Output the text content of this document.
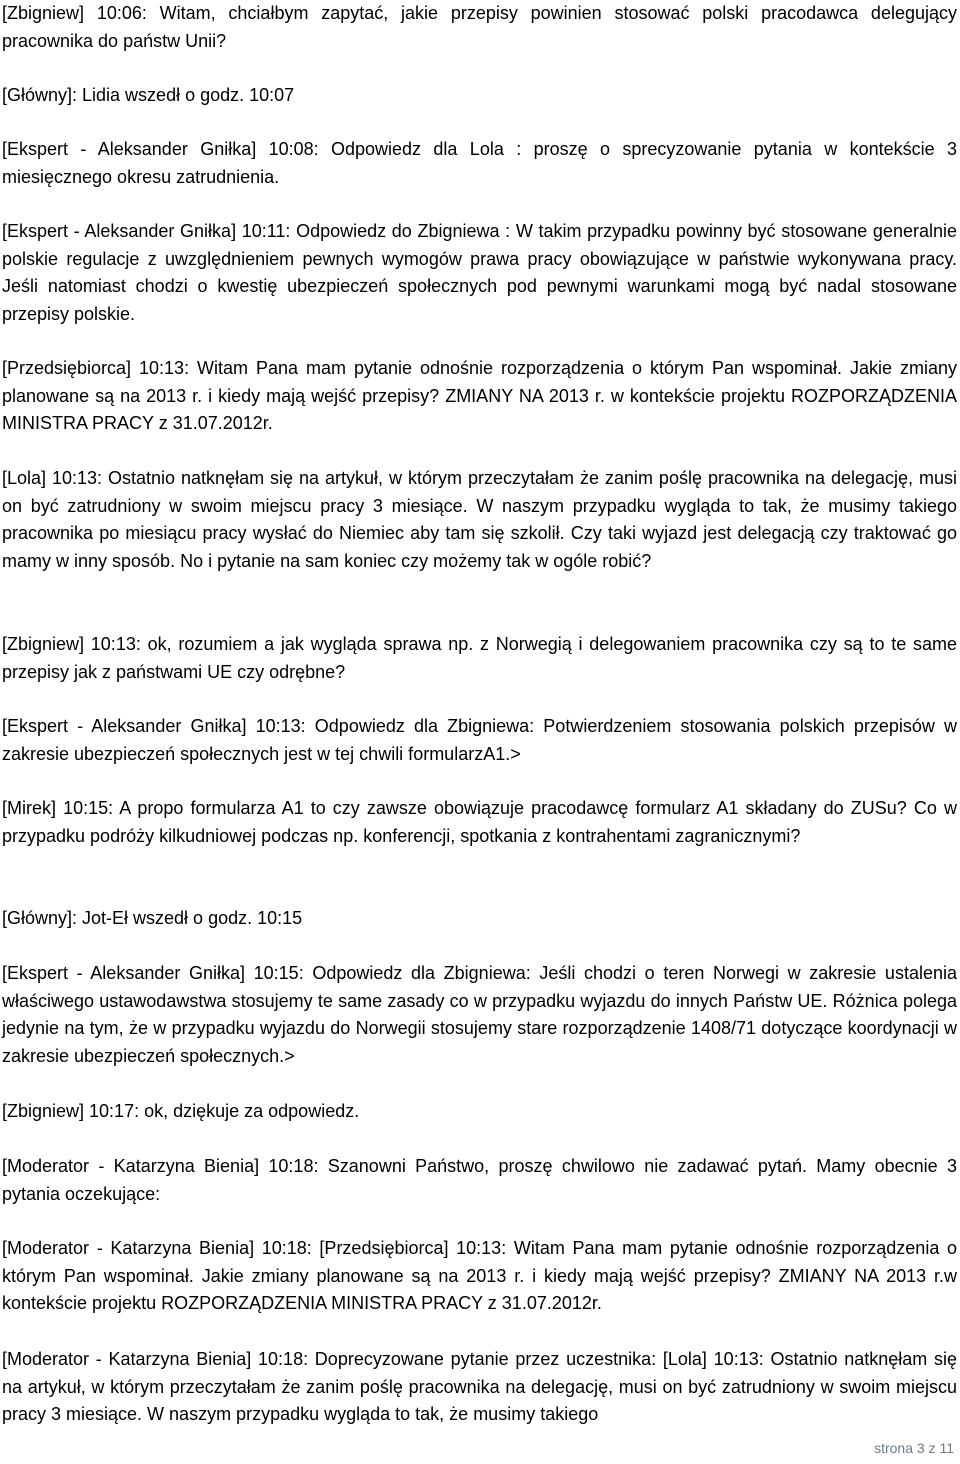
[Zbigniew] 10:06: Witam, chciałbym zapytać, jakie przepisy powinien stosować polski pracodawca delegujący pracownika do państw Unii?

[Główny]: Lidia wszedł o godz. 10:07

[Ekspert - Aleksander Gniłka] 10:08: Odpowiedz dla Lola : proszę o sprecyzowanie pytania w kontekście 3 miesięcznego okresu zatrudnienia.

[Ekspert - Aleksander Gniłka] 10:11: Odpowiedz do Zbigniewa : W takim przypadku powinny być stosowane generalnie polskie regulacje z uwzględnieniem pewnych wymogów prawa pracy obowiązujące w państwie wykonywana pracy. Jeśli natomiast chodzi o kwestię ubezpieczeń społecznych pod pewnymi warunkami mogą być nadal stosowane przepisy polskie.

[Przedsiębiorca] 10:13: Witam Pana mam pytanie odnośnie rozporządzenia o którym Pan wspominał. Jakie zmiany planowane są na 2013 r. i kiedy mają wejść przepisy? ZMIANY NA 2013 r. w kontekście projektu ROZPORZĄDZENIA MINISTRA PRACY z 31.07.2012r.

[Lola] 10:13: Ostatnio natknęłam się na artykuł, w którym przeczytałam że zanim poślę pracownika na delegację, musi on być zatrudniony w swoim miejscu pracy 3 miesiące. W naszym przypadku wygląda to tak, że musimy takiego pracownika po miesiącu pracy wysłać do Niemiec aby tam się szkolił. Czy taki wyjazd jest delegacją czy traktować go mamy w inny sposób. No i pytanie na sam koniec czy możemy tak w ogóle robić?

[Zbigniew] 10:13: ok, rozumiem a jak wygląda sprawa np. z Norwegią i delegowaniem pracownika czy są to te same przepisy jak z państwami UE czy odrębne?

[Ekspert - Aleksander Gniłka] 10:13: Odpowiedz dla Zbigniewa: Potwierdzeniem stosowania polskich przepisów w zakresie ubezpieczeń społecznych jest w tej chwili formularzA1.>

[Mirek] 10:15: A propo formularza A1 to czy zawsze obowiązuje pracodawcę formularz A1 składany do ZUSu? Co w przypadku podróży kilkudniowej podczas np. konferencji, spotkania z kontrahentami zagranicznymi?

[Główny]: Jot-Eł wszedł o godz. 10:15

[Ekspert - Aleksander Gniłka] 10:15: Odpowiedz dla Zbigniewa: Jeśli chodzi o teren Norwegi w zakresie ustalenia właściwego ustawodawstwa stosujemy te same zasady co w przypadku wyjazdu do innych Państw UE. Różnica polega jedynie na tym, że w przypadku wyjazdu do Norwegii stosujemy stare rozporządzenie 1408/71 dotyczące koordynacji w zakresie ubezpieczeń społecznych.>

[Zbigniew] 10:17: ok, dziękuje za odpowiedz.

[Moderator - Katarzyna Bienia] 10:18: Szanowni Państwo, proszę chwilowo nie zadawać pytań. Mamy obecnie 3 pytania oczekujące:

[Moderator - Katarzyna Bienia] 10:18: [Przedsiębiorca] 10:13: Witam Pana mam pytanie odnośnie rozporządzenia o którym Pan wspominał. Jakie zmiany planowane są na 2013 r. i kiedy mają wejść przepisy? ZMIANY NA 2013 r.w kontekście projektu ROZPORZĄDZENIA MINISTRA PRACY z 31.07.2012r.

[Moderator - Katarzyna Bienia] 10:18: Doprecyzowane pytanie przez uczestnika: [Lola] 10:13: Ostatnio natknęłam się na artykuł, w którym przeczytałam że zanim poślę pracownika na delegację, musi on być zatrudniony w swoim miejscu pracy 3 miesiące. W naszym przypadku wygląda to tak, że musimy takiego

strona 3 z 11
